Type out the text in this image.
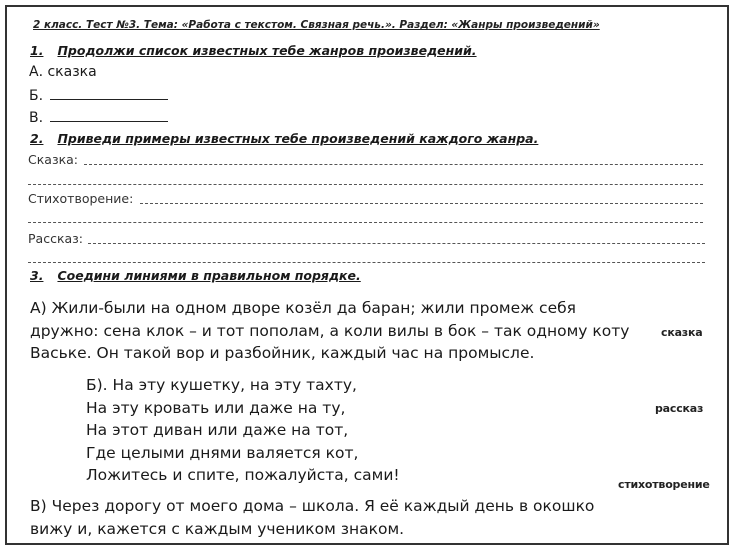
2 класс. Тест №3. Тема: «Работа с текстом. Связная речь.». Раздел: «Жанры произведений»
1. Продолжи список известных тебе жанров произведений.
А. сказка
Б.
В.
2. Приведи примеры известных тебе произведений каждого жанра.
Сказка:
Стихотворение:
Рассказ:
3. Соедини линиями в правильном порядке.
А) Жили-были на одном дворе козёл да баран; жили промеж себя
дружно: сена клок – и тот пополам, а коли вилы в бок – так одному коту
Ваське. Он такой вор и разбойник, каждый час на промысле.
Б). На эту кушетку, на эту тахту,
На эту кровать или даже на ту,
На этот диван или даже на тот,
Где целыми днями валяется кот,
Ложитесь и спите, пожалуйста, сами!
В) Через дорогу от моего дома – школа. Я её каждый день в окошко
вижу и, кажется с каждым учеником знаком.
сказка
рассказ
стихотворение
